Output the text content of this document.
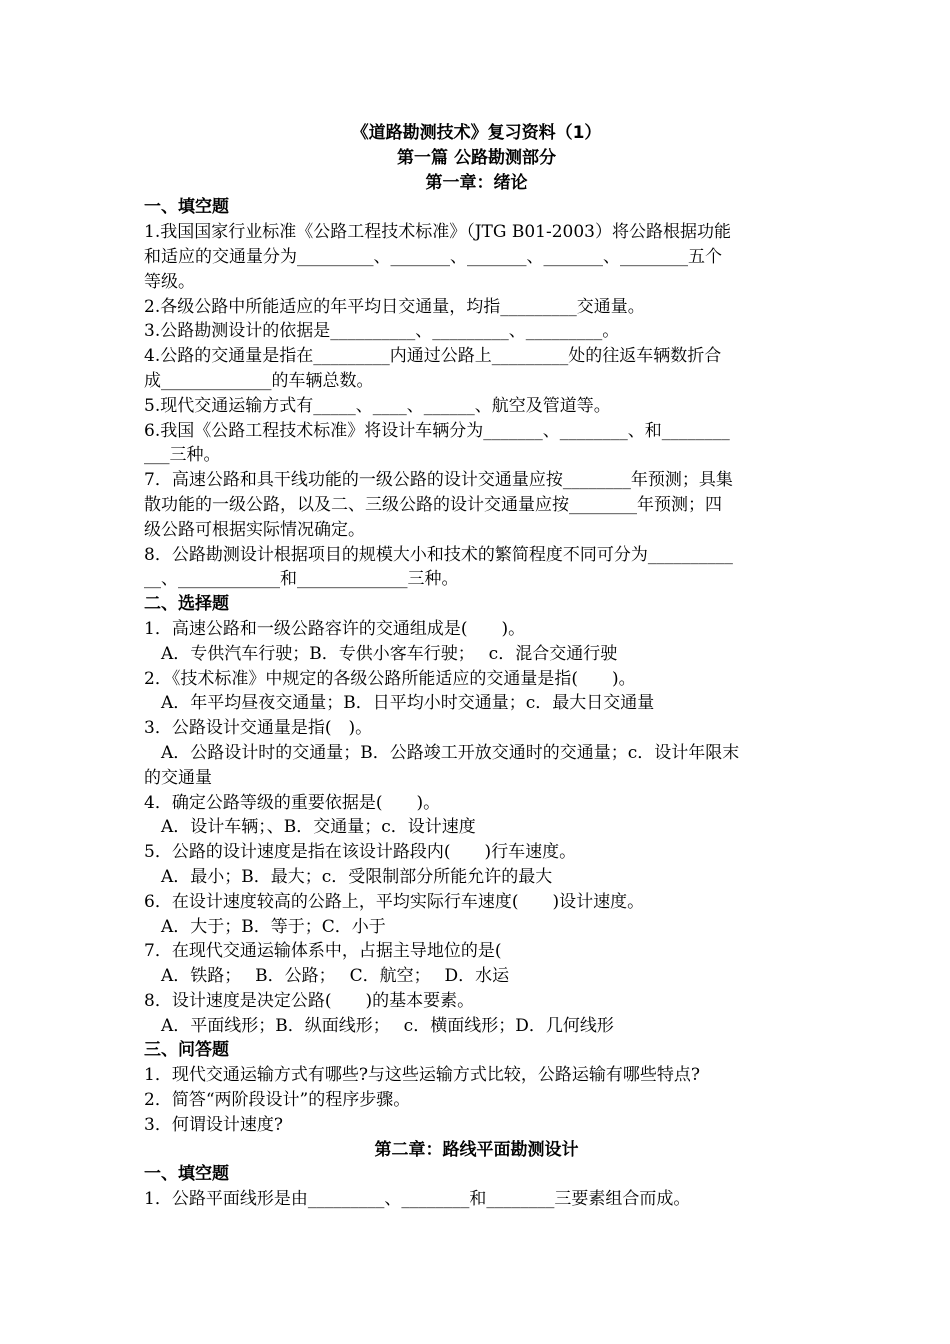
《道路勘测技术》复习资料（1）
第一篇 公路勘测部分
第一章：绪论
一、填空题
1.我国国家行业标准《公路工程技术标准》（JTG B01-2003）将公路根据功能
和适应的交通量分为_________、_______、_______、_______、________五个
等级。
2.各级公路中所能适应的年平均日交通量，均指_________交通量。
3.公路勘测设计的依据是__________、_________、_________。
4.公路的交通量是指在_________内通过公路上_________处的往返车辆数折合
成_____________的车辆总数。
5.现代交通运输方式有_____、____、______、航空及管道等。
6.我国《公路工程技术标准》将设计车辆分为_______、________、和________
___三种。
7．高速公路和具干线功能的一级公路的设计交通量应按________年预测；具集
散功能的一级公路，以及二、三级公路的设计交通量应按________年预测；四
级公路可根据实际情况确定。
8．公路勘测设计根据项目的规模大小和技术的繁简程度不同可分为__________
__、____________和_____________三种。
二、选择题
1．高速公路和一级公路容许的交通组成是(　　)。
A．专供汽车行驶；B．专供小客车行驶；　 c．混合交通行驶
2．《技术标准》中规定的各级公路所能适应的交通量是指(　　)。
A．年平均昼夜交通量；B．日平均小时交通量；c．最大日交通量
3．公路设计交通量是指(　)。
A．公路设计时的交通量；B．公路竣工开放交通时的交通量；c．设计年限末
的交通量
4．确定公路等级的重要依据是(　　)。
A．设计车辆；、B．交通量；c．设计速度
5．公路的设计速度是指在该设计路段内(　　)行车速度。
A．最小；B．最大；c．受限制部分所能允许的最大
6．在设计速度较高的公路上，平均实际行车速度(　　)设计速度。
A．大于；B．等于；C．小于
7．在现代交通运输体系中，占据主导地位的是(
A．铁路；　 B．公路；　 C．航空；　 D．水运
8．设计速度是决定公路(　　)的基本要素。
A．平面线形；B．纵面线形；　 c．横面线形；D．几何线形
三、问答题
1．现代交通运输方式有哪些?与这些运输方式比较，公路运输有哪些特点?
2．简答“两阶段设计”的程序步骤。
3．何谓设计速度?
第二章：路线平面勘测设计
一、填空题
1．公路平面线形是由_________、________和________三要素组合而成。
